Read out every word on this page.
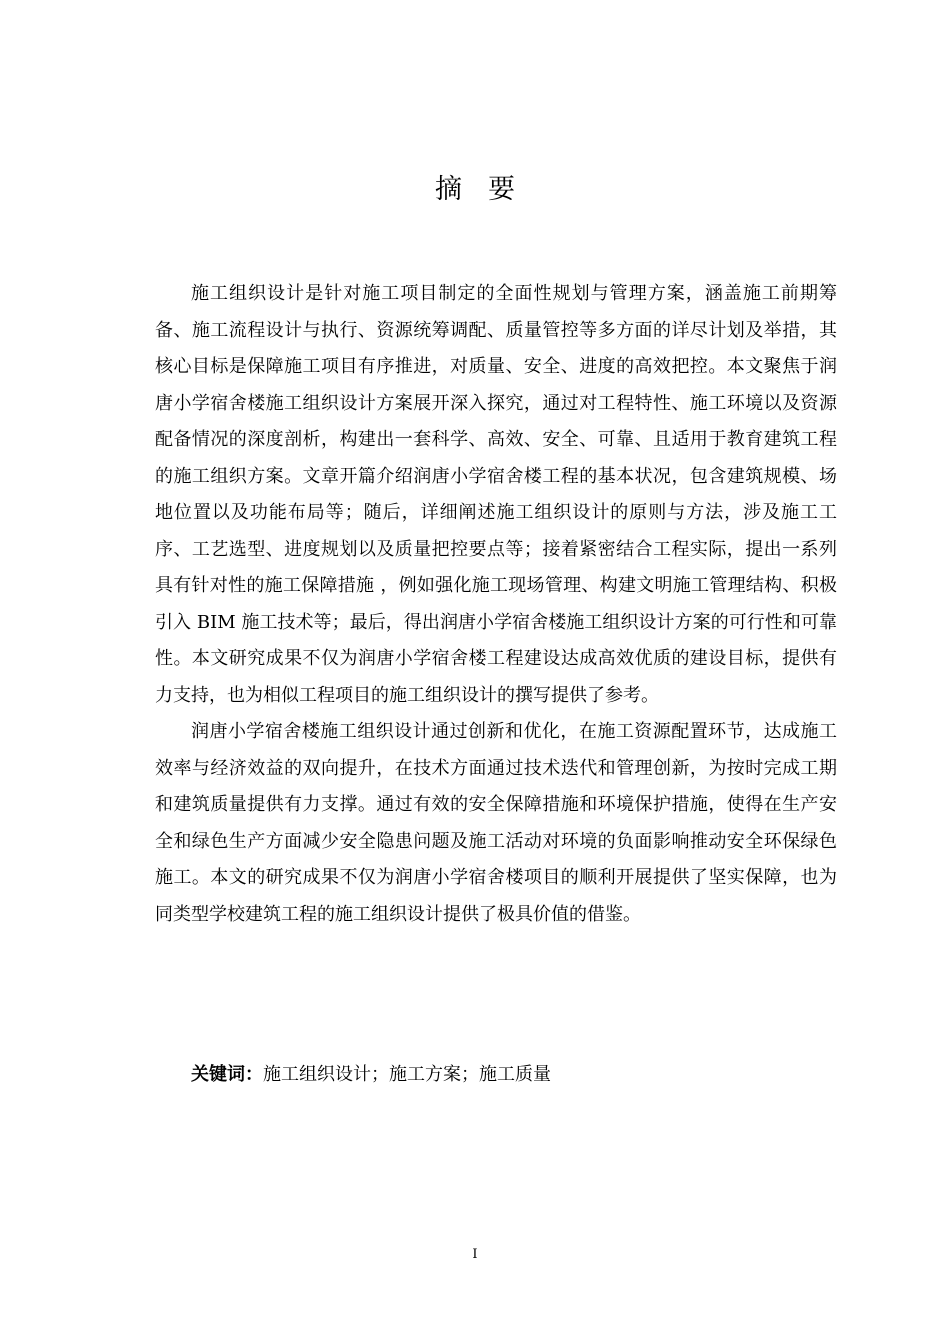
摘要

施工组织设计是针对施工项目制定的全面性规划与管理方案，涵盖施工前期筹备、施工流程设计与执行、资源统筹调配、质量管控等多方面的详尽计划及举措，其核心目标是保障施工项目有序推进，对质量、安全、进度的高效把控。本文聚焦于润唐小学宿舍楼施工组织设计方案展开深入探究，通过对工程特性、施工环境以及资源配备情况的深度剖析，构建出一套科学、高效、安全、可靠、且适用于教育建筑工程的施工组织方案。文章开篇介绍润唐小学宿舍楼工程的基本状况，包含建筑规模、场地位置以及功能布局等；随后，详细阐述施工组织设计的原则与方法，涉及施工工序、工艺选型、进度规划以及质量把控要点等；接着紧密结合工程实际，提出一系列具有针对性的施工保障措施 ，例如强化施工现场管理、构建文明施工管理结构、积极引入 BIM 施工技术等；最后，得出润唐小学宿舍楼施工组织设计方案的可行性和可靠性。本文研究成果不仅为润唐小学宿舍楼工程建设达成高效优质的建设目标，提供有力支持，也为相似工程项目的施工组织设计的撰写提供了参考。

润唐小学宿舍楼施工组织设计通过创新和优化，在施工资源配置环节，达成施工效率与经济效益的双向提升，在技术方面通过技术迭代和管理创新，为按时完成工期和建筑质量提供有力支撑。通过有效的安全保障措施和环境保护措施，使得在生产安全和绿色生产方面减少安全隐患问题及施工活动对环境的负面影响推动安全环保绿色施工。本文的研究成果不仅为润唐小学宿舍楼项目的顺利开展提供了坚实保障，也为同类型学校建筑工程的施工组织设计提供了极具价值的借鉴。

关键词：施工组织设计；施工方案；施工质量
I
